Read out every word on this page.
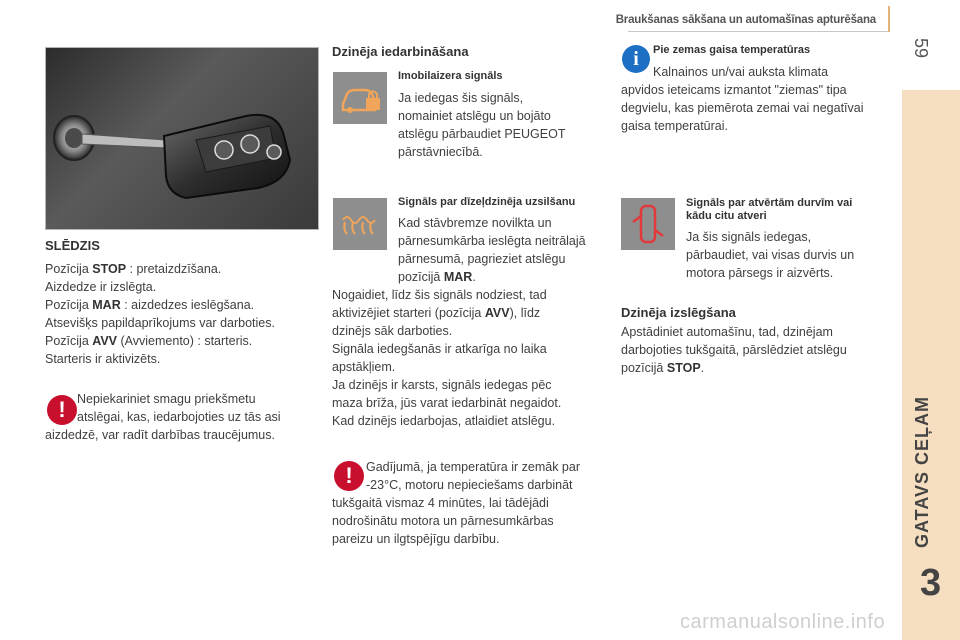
Braukšanas sākšana un automašīnas apturēšana
59
GATAVS CEĻAM
3
carmanualsonline.info
SLĒDZIS
Pozīcija STOP : pretaizdzīšana.
Aizdedze ir izslēgta.
Pozīcija MAR : aizdedzes ieslēgšana.
Atsevišķs papildaprīkojums var darboties.
Pozīcija AVV (Avviemento) : starteris.
Starteris ir aktivizēts.
! Nepiekariniet smagu priekšmetu
atslēgai, kas, iedarbojoties uz tās asi
aizdedzē, var radīt darbības traucējumus.
Dzinēja iedarbināšana
Imobilaizera signāls
Ja iedegas šis signāls,
nomainiet atslēgu un bojāto
atslēgu pārbaudiet PEUGEOT
pārstāvniecībā.
Signāls par dīzeļdzinēja uzsilšanu
Kad stāvbremze novilkta un
pārnesumkārba ieslēgta neitrālajā
pārnesumā, pagrieziet atslēgu
pozīcijā MAR.
Nogaidiet, līdz šis signāls nodziest, tad
aktivizējiet starteri (pozīcija AVV), līdz
dzinējs sāk darboties.
Signāla iedegšanās ir atkarīga no laika
apstākļiem.
Ja dzinējs ir karsts, signāls iedegas pēc
maza brīža, jūs varat iedarbināt negaidot.
Kad dzinējs iedarbojas, atlaidiet atslēgu.
!	Gadījumā, ja temperatūra ir zemāk par
-23°C, motoru nepieciešams darbināt
tukšgaitā vismaz 4 minūtes, lai tādējādi
nodrošinātu motora un pārnesumkārbas
pareizu un ilgtspējīgu darbību.
i	Pie zemas gaisa temperatūras
Kalnainos un/vai auksta klimata
apvidos ieteicams izmantot "ziemas" tipa
degvielu, kas piemērota zemai vai negatīvai
gaisa temperatūrai.
Signāls par atvērtām durvīm vai
kādu citu atveri
Ja šis signāls iedegas,
pārbaudiet, vai visas durvis un
motora pārsegs ir aizvērts.
Dzinēja izslēgšana
Apstādiniet automašīnu, tad, dzinējam
darbojoties tukšgaitā, pārslēdziet atslēgu
pozīcijā STOP.
